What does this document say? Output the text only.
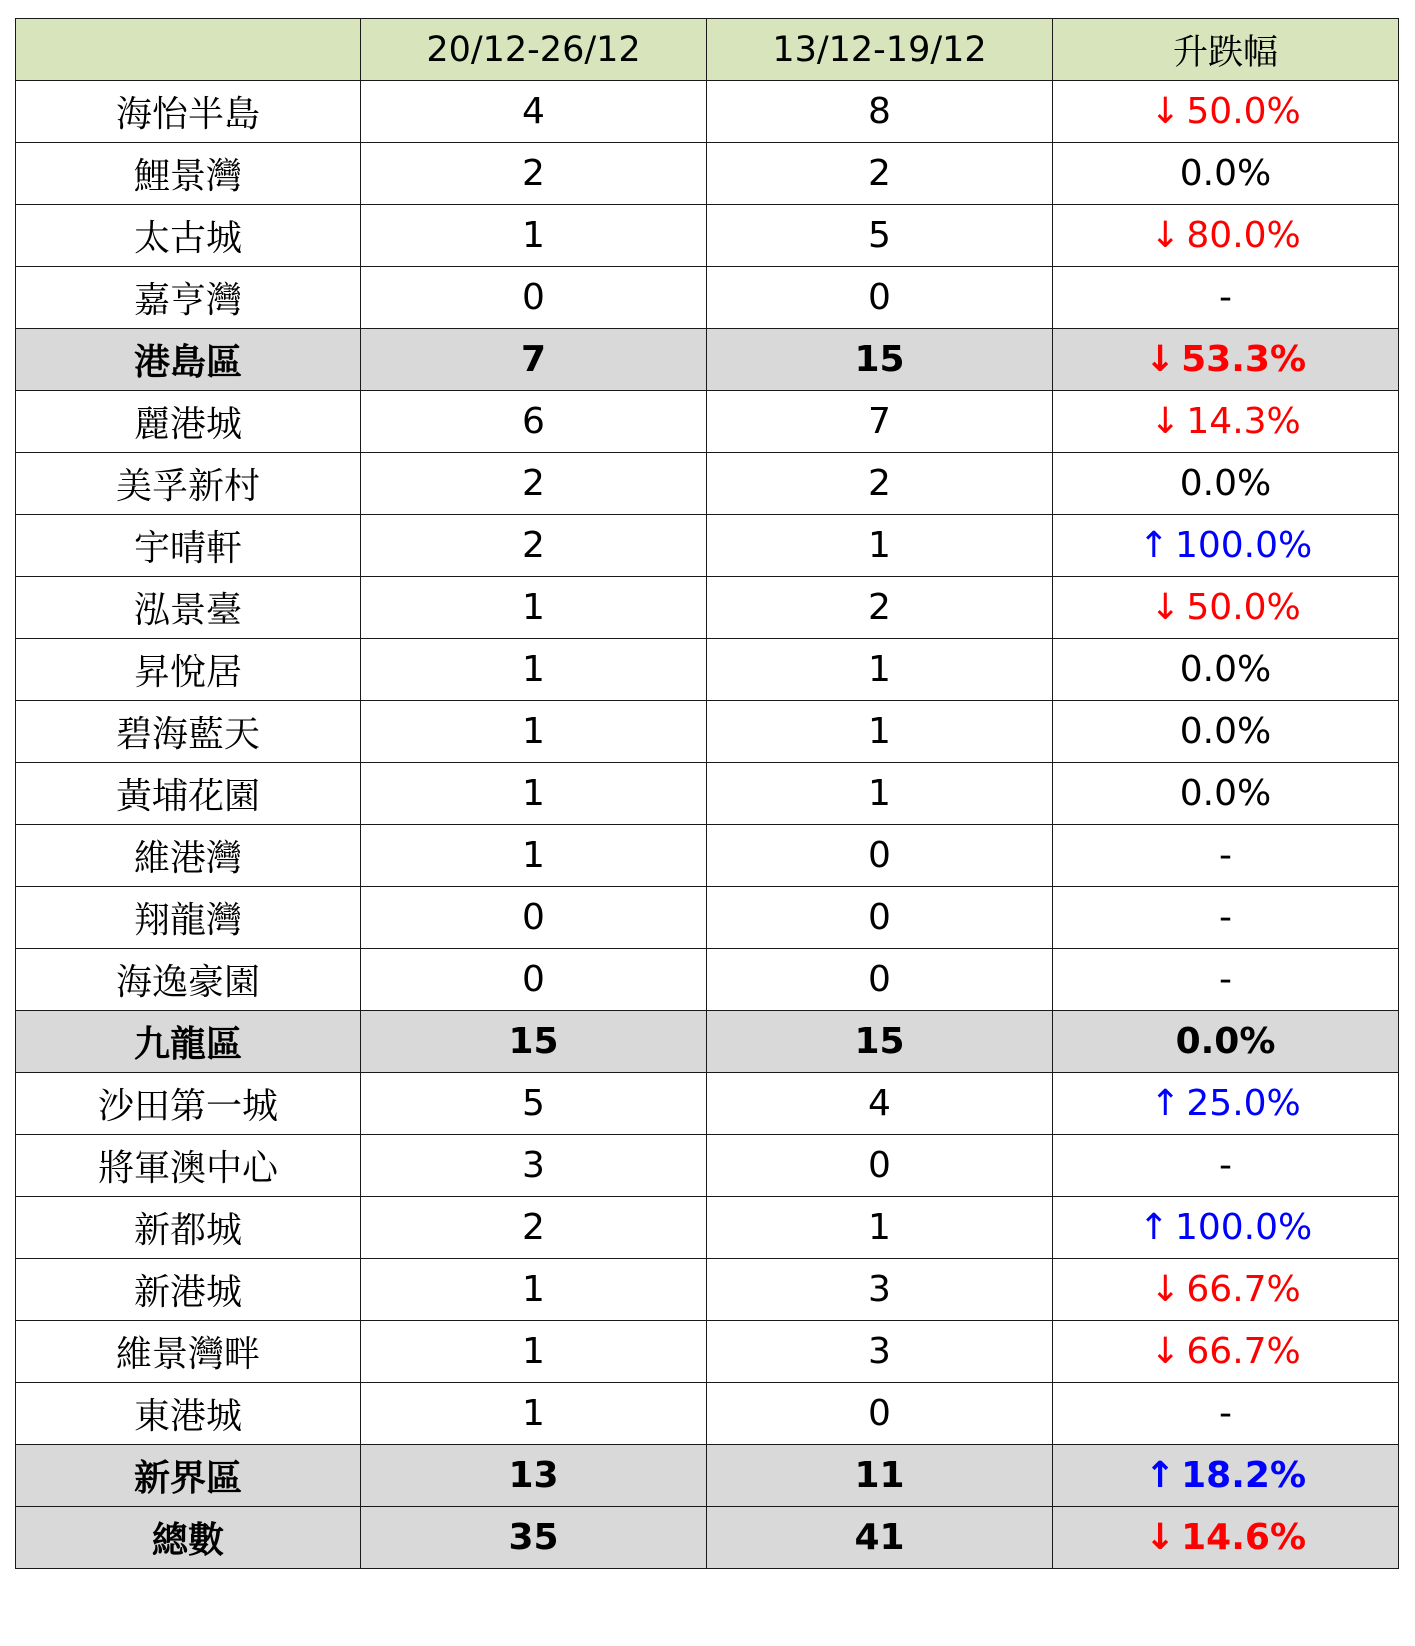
	20/12-26/12	13/12-19/12	升跌幅
海怡半島	4	8	↓ 50.0%
鯉景灣	2	2	0.0%
太古城	1	5	↓ 80.0%
嘉亨灣	0	0	-
港島區	7	15	↓ 53.3%
麗港城	6	7	↓ 14.3%
美孚新村	2	2	0.0%
宇晴軒	2	1	↑ 100.0%
泓景臺	1	2	↓ 50.0%
昇悅居	1	1	0.0%
碧海藍天	1	1	0.0%
黃埔花園	1	1	0.0%
維港灣	1	0	-
翔龍灣	0	0	-
海逸豪園	0	0	-
九龍區	15	15	0.0%
沙田第一城	5	4	↑ 25.0%
將軍澳中心	3	0	-
新都城	2	1	↑ 100.0%
新港城	1	3	↓ 66.7%
維景灣畔	1	3	↓ 66.7%
東港城	1	0	-
新界區	13	11	↑ 18.2%
總數	35	41	↓ 14.6%
